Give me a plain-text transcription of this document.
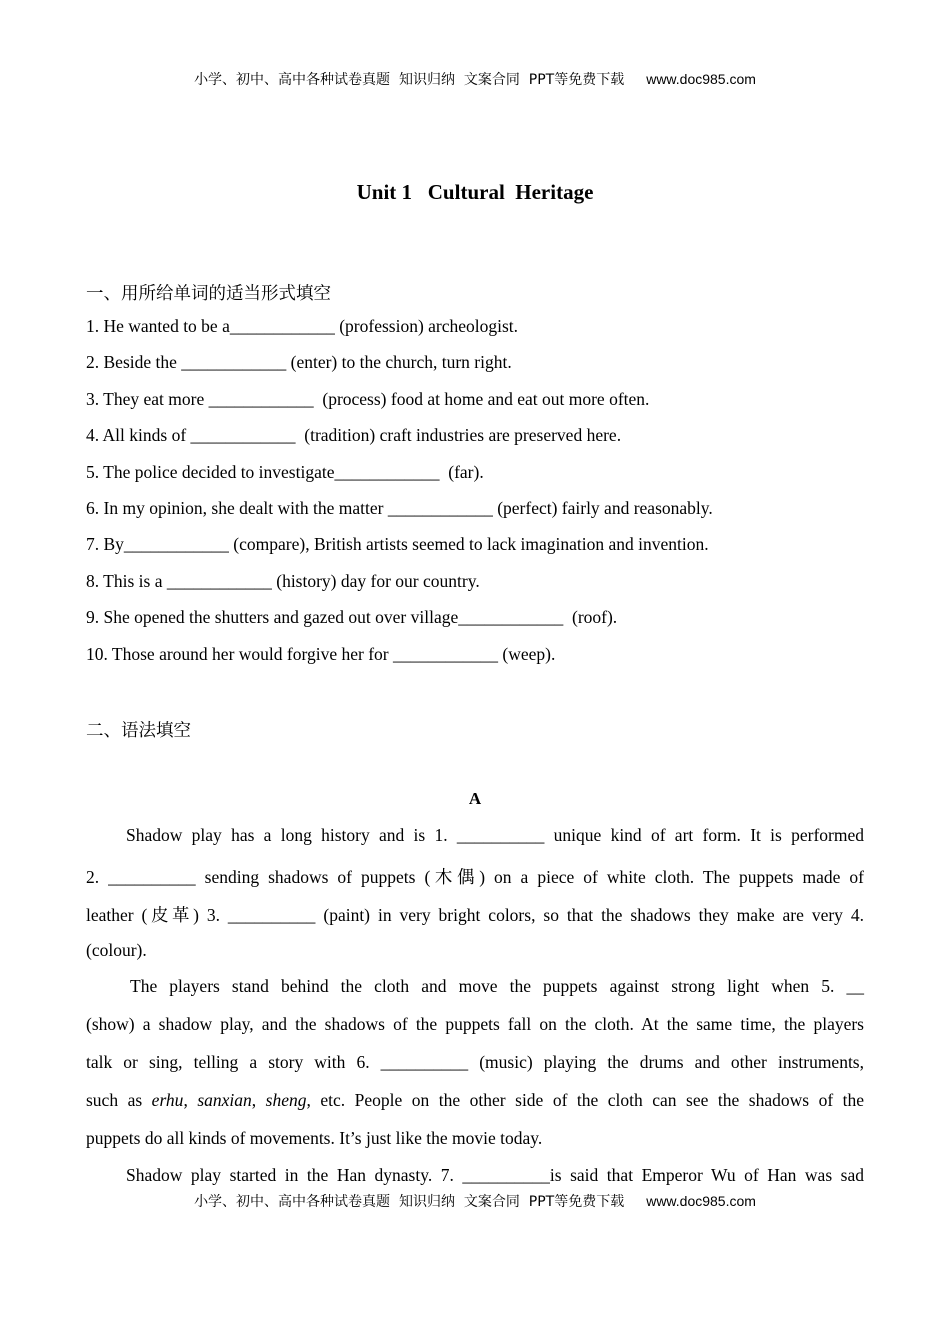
小学、初中、高中各种试卷真题  知识归纳  文案合同  PPT等免费下载 www.doc985.com
Unit 1   Cultural  Heritage
一、用所给单词的适当形式填空
1. He wanted to be a____________ (profession) archeologist.
2. Beside the ____________ (enter) to the church, turn right.
3. They eat more ____________  (process) food at home and eat out more often.
4. All kinds of ____________  (tradition) craft industries are preserved here.
5. The police decided to investigate____________  (far).
6. In my opinion, she dealt with the matter ____________ (perfect) fairly and reasonably.
7. By____________ (compare), British artists seemed to lack imagination and invention.
8. This is a ____________ (history) day for our country.
9. She opened the shutters and gazed out over village____________  (roof).
10. Those around her would forgive her for ____________ (weep).
二、语法填空
A
Shadow play has a long history and is 1. __________ unique kind of art form. It is performed
2. __________ sending shadows of puppets (木偶) on a piece of white cloth. The puppets made of
leather (皮革) 3. __________ (paint) in very bright colors, so that the shadows they make are very 4.
(colour).
The players stand behind the cloth and move the puppets against strong light when 5. __
(show) a shadow play, and the shadows of the puppets fall on the cloth. At the same time, the players
talk or sing, telling a story with 6. __________ (music) playing the drums and other instruments,
such as erhu, sanxian, sheng, etc. People on the other side of the cloth can see the shadows of the
puppets do all kinds of movements. It’s just like the movie today.
Shadow play started in the Han dynasty. 7. __________is said that Emperor Wu of Han was sad
小学、初中、高中各种试卷真题  知识归纳  文案合同  PPT等免费下载 www.doc985.com
